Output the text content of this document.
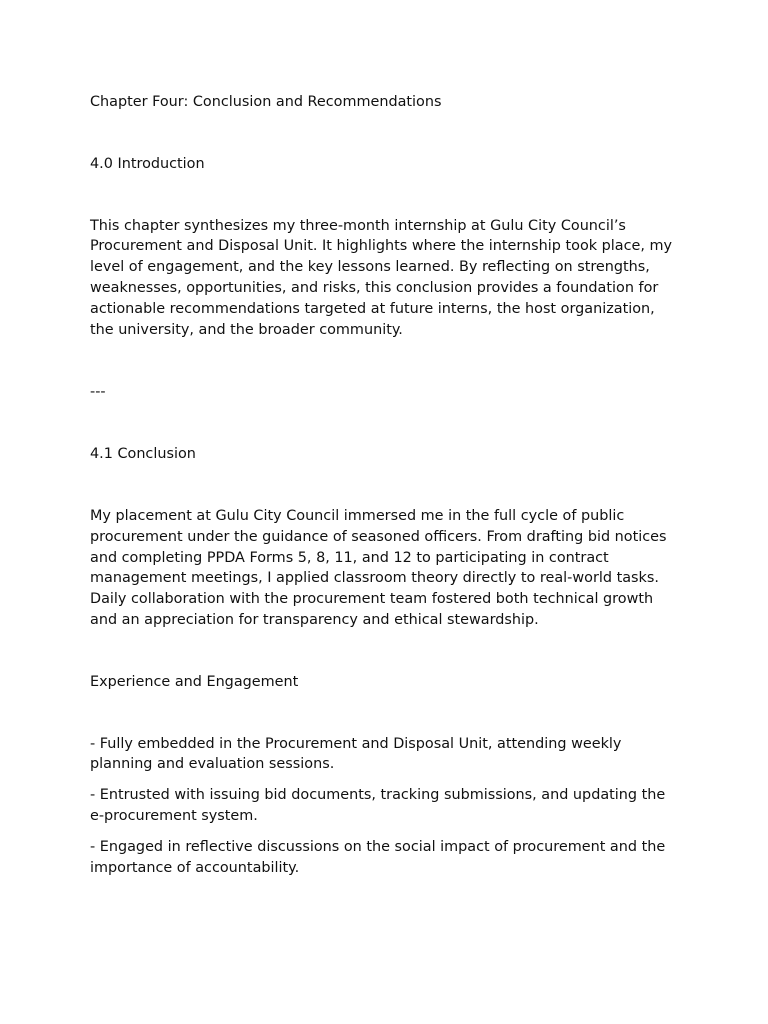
Chapter Four: Conclusion and Recommendations

4.0 Introduction

This chapter synthesizes my three-month internship at Gulu City Council’s Procurement and Disposal Unit. It highlights where the internship took place, my level of engagement, and the key lessons learned. By reflecting on strengths, weaknesses, opportunities, and risks, this conclusion provides a foundation for actionable recommendations targeted at future interns, the host organization, the university, and the broader community.

---

4.1 Conclusion

My placement at Gulu City Council immersed me in the full cycle of public procurement under the guidance of seasoned officers. From drafting bid notices and completing PPDA Forms 5, 8, 11, and 12 to participating in contract management meetings, I applied classroom theory directly to real-world tasks. Daily collaboration with the procurement team fostered both technical growth and an appreciation for transparency and ethical stewardship.

Experience and Engagement

- Fully embedded in the Procurement and Disposal Unit, attending weekly planning and evaluation sessions.

- Entrusted with issuing bid documents, tracking submissions, and updating the e-procurement system.

- Engaged in reflective discussions on the social impact of procurement and the importance of accountability.
